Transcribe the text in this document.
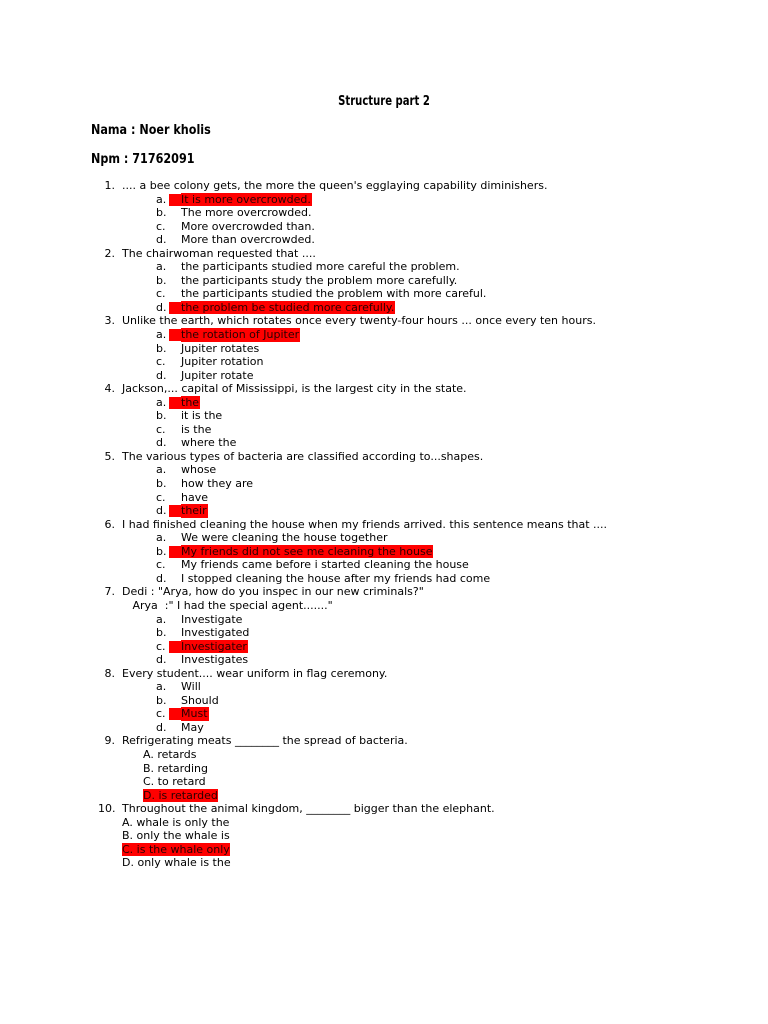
Structure part 2
Nama : Noer kholis
Npm : 71762091
1. .... a bee colony gets, the more the queen's egglaying capability diminishers.
a.	It is more overcrowded.
b.	The more overcrowded.
c.	More overcrowded than.
d.	More than overcrowded.
2. The chairwoman requested that ....
a.	the participants studied more careful the problem.
b.	the participants study the problem more carefully.
c.	the participants studied the problem with more careful.
d.	the problem be studied more carefully.
3. Unlike the earth, which rotates once every twenty-four hours ... once every ten hours.
a.	the rotation of Jupiter
b.	Jupiter rotates
c.	Jupiter rotation
d.	Jupiter rotate
4. Jackson,... capital of Mississippi, is the largest city in the state.
a.	the
b.	it is the
c.	is the
d.	where the
5. The various types of bacteria are classified according to...shapes.
a.	whose
b.	how they are
c.	have
d.	their
6. I had finished cleaning the house when my friends arrived. this sentence means that ....
a.	We were cleaning the house together
b.	My friends did not see me cleaning the house
c.	My friends came before i started cleaning the house
d.	I stopped cleaning the house after my friends had come
7. Dedi : "Arya, how do you inspec in our new criminals?"
Arya  :" I had the special agent......."
a.	Investigate
b.	Investigated
c.	Investigater
d.	Investigates
8. Every student.... wear uniform in flag ceremony.
a.	Will
b.	Should
c.	Must
d.	May
9. Refrigerating meats ________ the spread of bacteria.
A. retards
B. retarding
C. to retard
D. is retarded
10. Throughout the animal kingdom, ________ bigger than the elephant.
A. whale is only the
B. only the whale is
C. is the whale only
D. only whale is the
